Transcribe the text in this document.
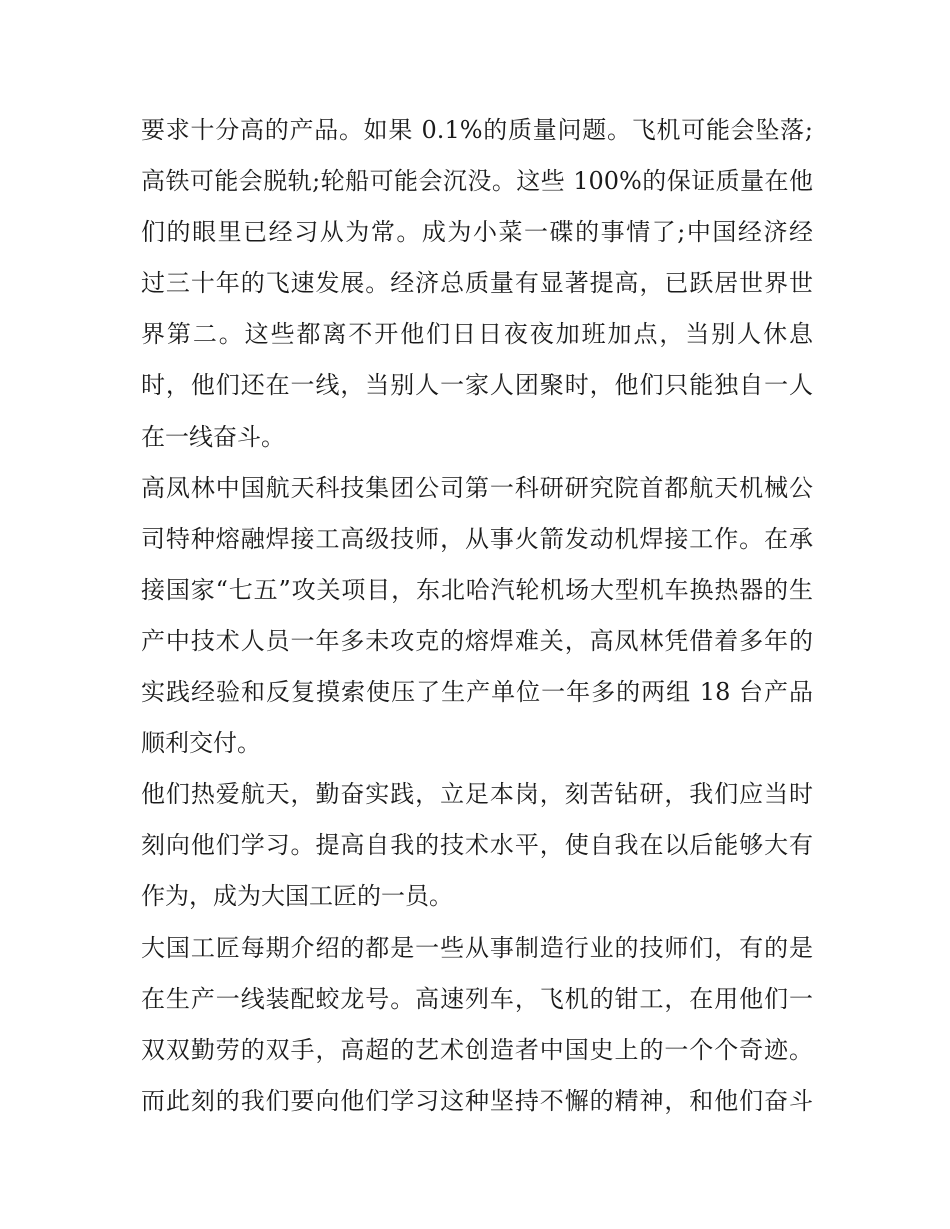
要求十分高的产品。如果 0.1%的质量问题。飞机可能会坠落;
高铁可能会脱轨;轮船可能会沉没。这些 100%的保证质量在他
们的眼里已经习从为常。成为小菜一碟的事情了;中国经济经
过三十年的飞速发展。经济总质量有显著提高，已跃居世界世
界第二。这些都离不开他们日日夜夜加班加点，当别人休息
时，他们还在一线，当别人一家人团聚时，他们只能独自一人
在一线奋斗。
高凤林中国航天科技集团公司第一科研研究院首都航天机械公
司特种熔融焊接工高级技师，从事火箭发动机焊接工作。在承
接国家“七五”攻关项目，东北哈汽轮机场大型机车换热器的生
产中技术人员一年多未攻克的熔焊难关，高凤林凭借着多年的
实践经验和反复摸索使压了生产单位一年多的两组 18 台产品
顺利交付。
他们热爱航天，勤奋实践，立足本岗，刻苦钻研，我们应当时
刻向他们学习。提高自我的技术水平，使自我在以后能够大有
作为，成为大国工匠的一员。
大国工匠每期介绍的都是一些从事制造行业的技师们，有的是
在生产一线装配蛟龙号。高速列车，飞机的钳工，在用他们一
双双勤劳的双手，高超的艺术创造者中国史上的一个个奇迹。
而此刻的我们要向他们学习这种坚持不懈的精神，和他们奋斗
